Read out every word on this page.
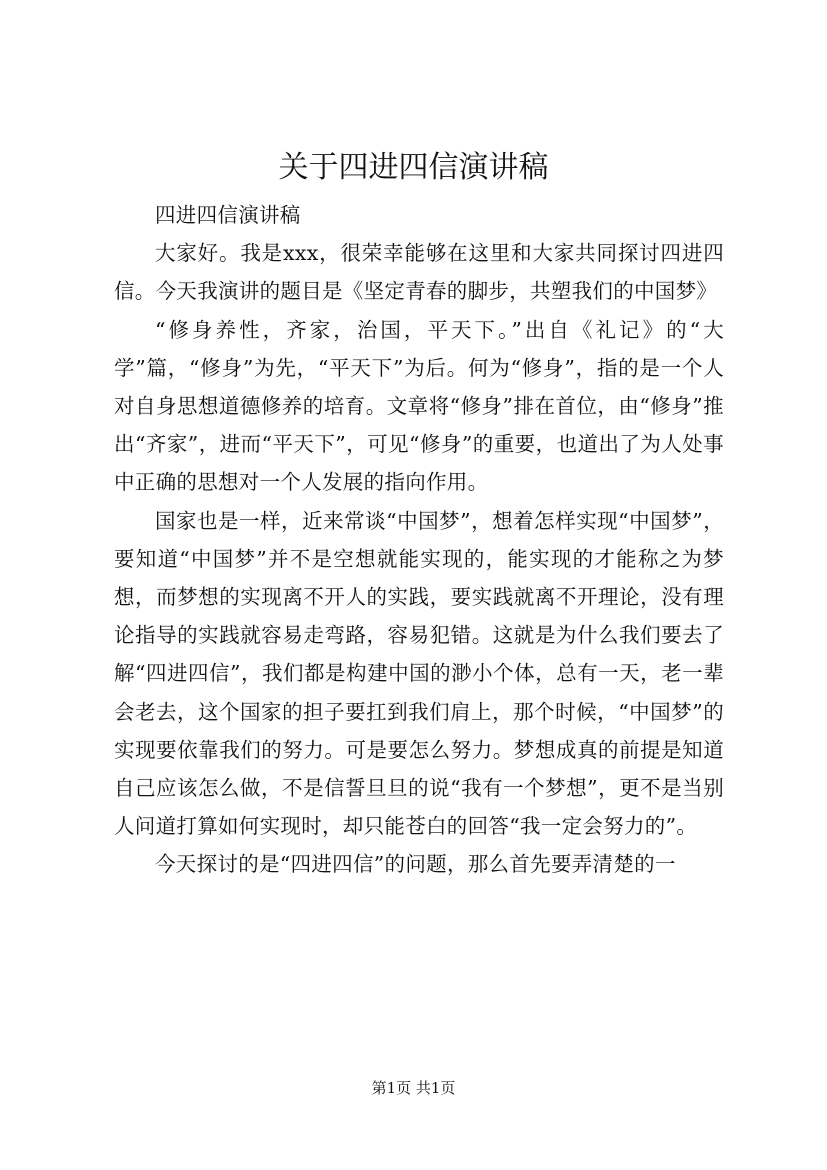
关于四进四信演讲稿

四进四信演讲稿

大家好。我是xxx，很荣幸能够在这里和大家共同探讨四进四信。今天我演讲的题目是《坚定青春的脚步，共塑我们的中国梦》

“修身养性，齐家，治国，平天下。”出自《礼记》的“大学”篇，“修身”为先，“平天下”为后。何为“修身”，指的是一个人对自身思想道德修养的培育。文章将“修身”排在首位，由“修身”推出“齐家”，进而“平天下”，可见“修身”的重要，也道出了为人处事中正确的思想对一个人发展的指向作用。

国家也是一样，近来常谈“中国梦”，想着怎样实现“中国梦”，要知道“中国梦”并不是空想就能实现的，能实现的才能称之为梦想，而梦想的实现离不开人的实践，要实践就离不开理论，没有理论指导的实践就容易走弯路，容易犯错。这就是为什么我们要去了解“四进四信”，我们都是构建中国的渺小个体，总有一天，老一辈会老去，这个国家的担子要扛到我们肩上，那个时候，“中国梦”的实现要依靠我们的努力。可是要怎么努力。梦想成真的前提是知道自己应该怎么做，不是信誓旦旦的说“我有一个梦想”，更不是当别人问道打算如何实现时，却只能苍白的回答“我一定会努力的”。

今天探讨的是“四进四信”的问题，那么首先要弄清楚的一

第1页 共1页
